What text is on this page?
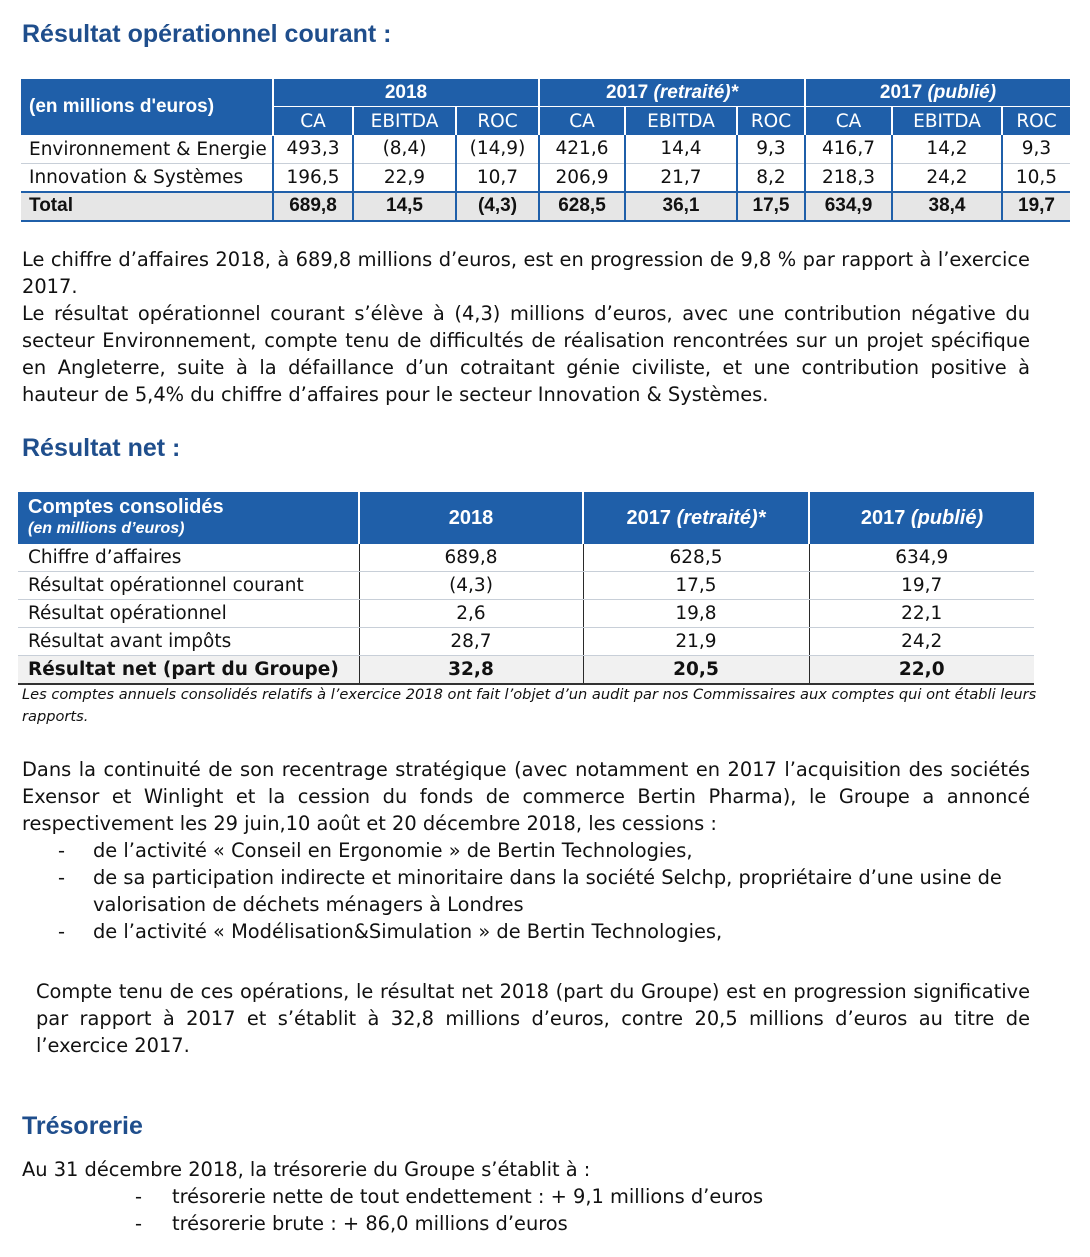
Résultat opérationnel courant :
(en millions d'euros)	2018			2017 (retraité)*			2017 (publié)		
	CA	EBITDA	ROC	CA	EBITDA	ROC	CA	EBITDA	ROC
Environnement & Energie	493,3	(8,4)	(14,9)	421,6	14,4	9,3	416,7	14,2	9,3
Innovation & Systèmes	196,5	22,9	10,7	206,9	21,7	8,2	218,3	24,2	10,5
Total	689,8	14,5	(4,3)	628,5	36,1	17,5	634,9	38,4	19,7

Le chiffre d’affaires 2018, à 689,8 millions d’euros, est en progression de 9,8 % par rapport à l’exercice 2017.

Le résultat opérationnel courant s’élève à (4,3) millions d’euros, avec une contribution négative du secteur Environnement, compte tenu de difficultés de réalisation rencontrées sur un projet spécifique en Angleterre, suite à la défaillance d’un cotraitant génie civiliste, et une contribution positive à hauteur de 5,4% du chiffre d’affaires pour le secteur Innovation & Systèmes.

Résultat net :
Comptes consolidés
(en millions d’euros)	2018	2017 (retraité)*	2017 (publié)
Chiffre d’affaires	689,8	628,5	634,9
Résultat opérationnel courant	(4,3)	17,5	19,7
Résultat opérationnel	2,6	19,8	22,1
Résultat avant impôts	28,7	21,9	24,2
Résultat net (part du Groupe)	32,8	20,5	22,0

Les comptes annuels consolidés relatifs à l’exercice 2018 ont fait l’objet d’un audit par nos Commissaires aux comptes qui ont établi leurs rapports.

Dans la continuité de son recentrage stratégique (avec notamment en 2017 l’acquisition des sociétés Exensor et Winlight et la cession du fonds de commerce Bertin Pharma), le Groupe a annoncé respectivement les 29 juin,10 août et 20 décembre 2018, les cessions :

- de l’activité « Conseil en Ergonomie » de Bertin Technologies,
- de sa participation indirecte et minoritaire dans la société Selchp, propriétaire d’une usine de valorisation de déchets ménagers à Londres
- de l’activité « Modélisation&Simulation » de Bertin Technologies,

Compte tenu de ces opérations, le résultat net 2018 (part du Groupe) est en progression significative par rapport à 2017 et s’établit à 32,8 millions d’euros, contre 20,5 millions d’euros au titre de l’exercice 2017.

Trésorerie

Au 31 décembre 2018, la trésorerie du Groupe s’établit à :

- trésorerie nette de tout endettement : + 9,1 millions d’euros
- trésorerie brute : + 86,0 millions d’euros
